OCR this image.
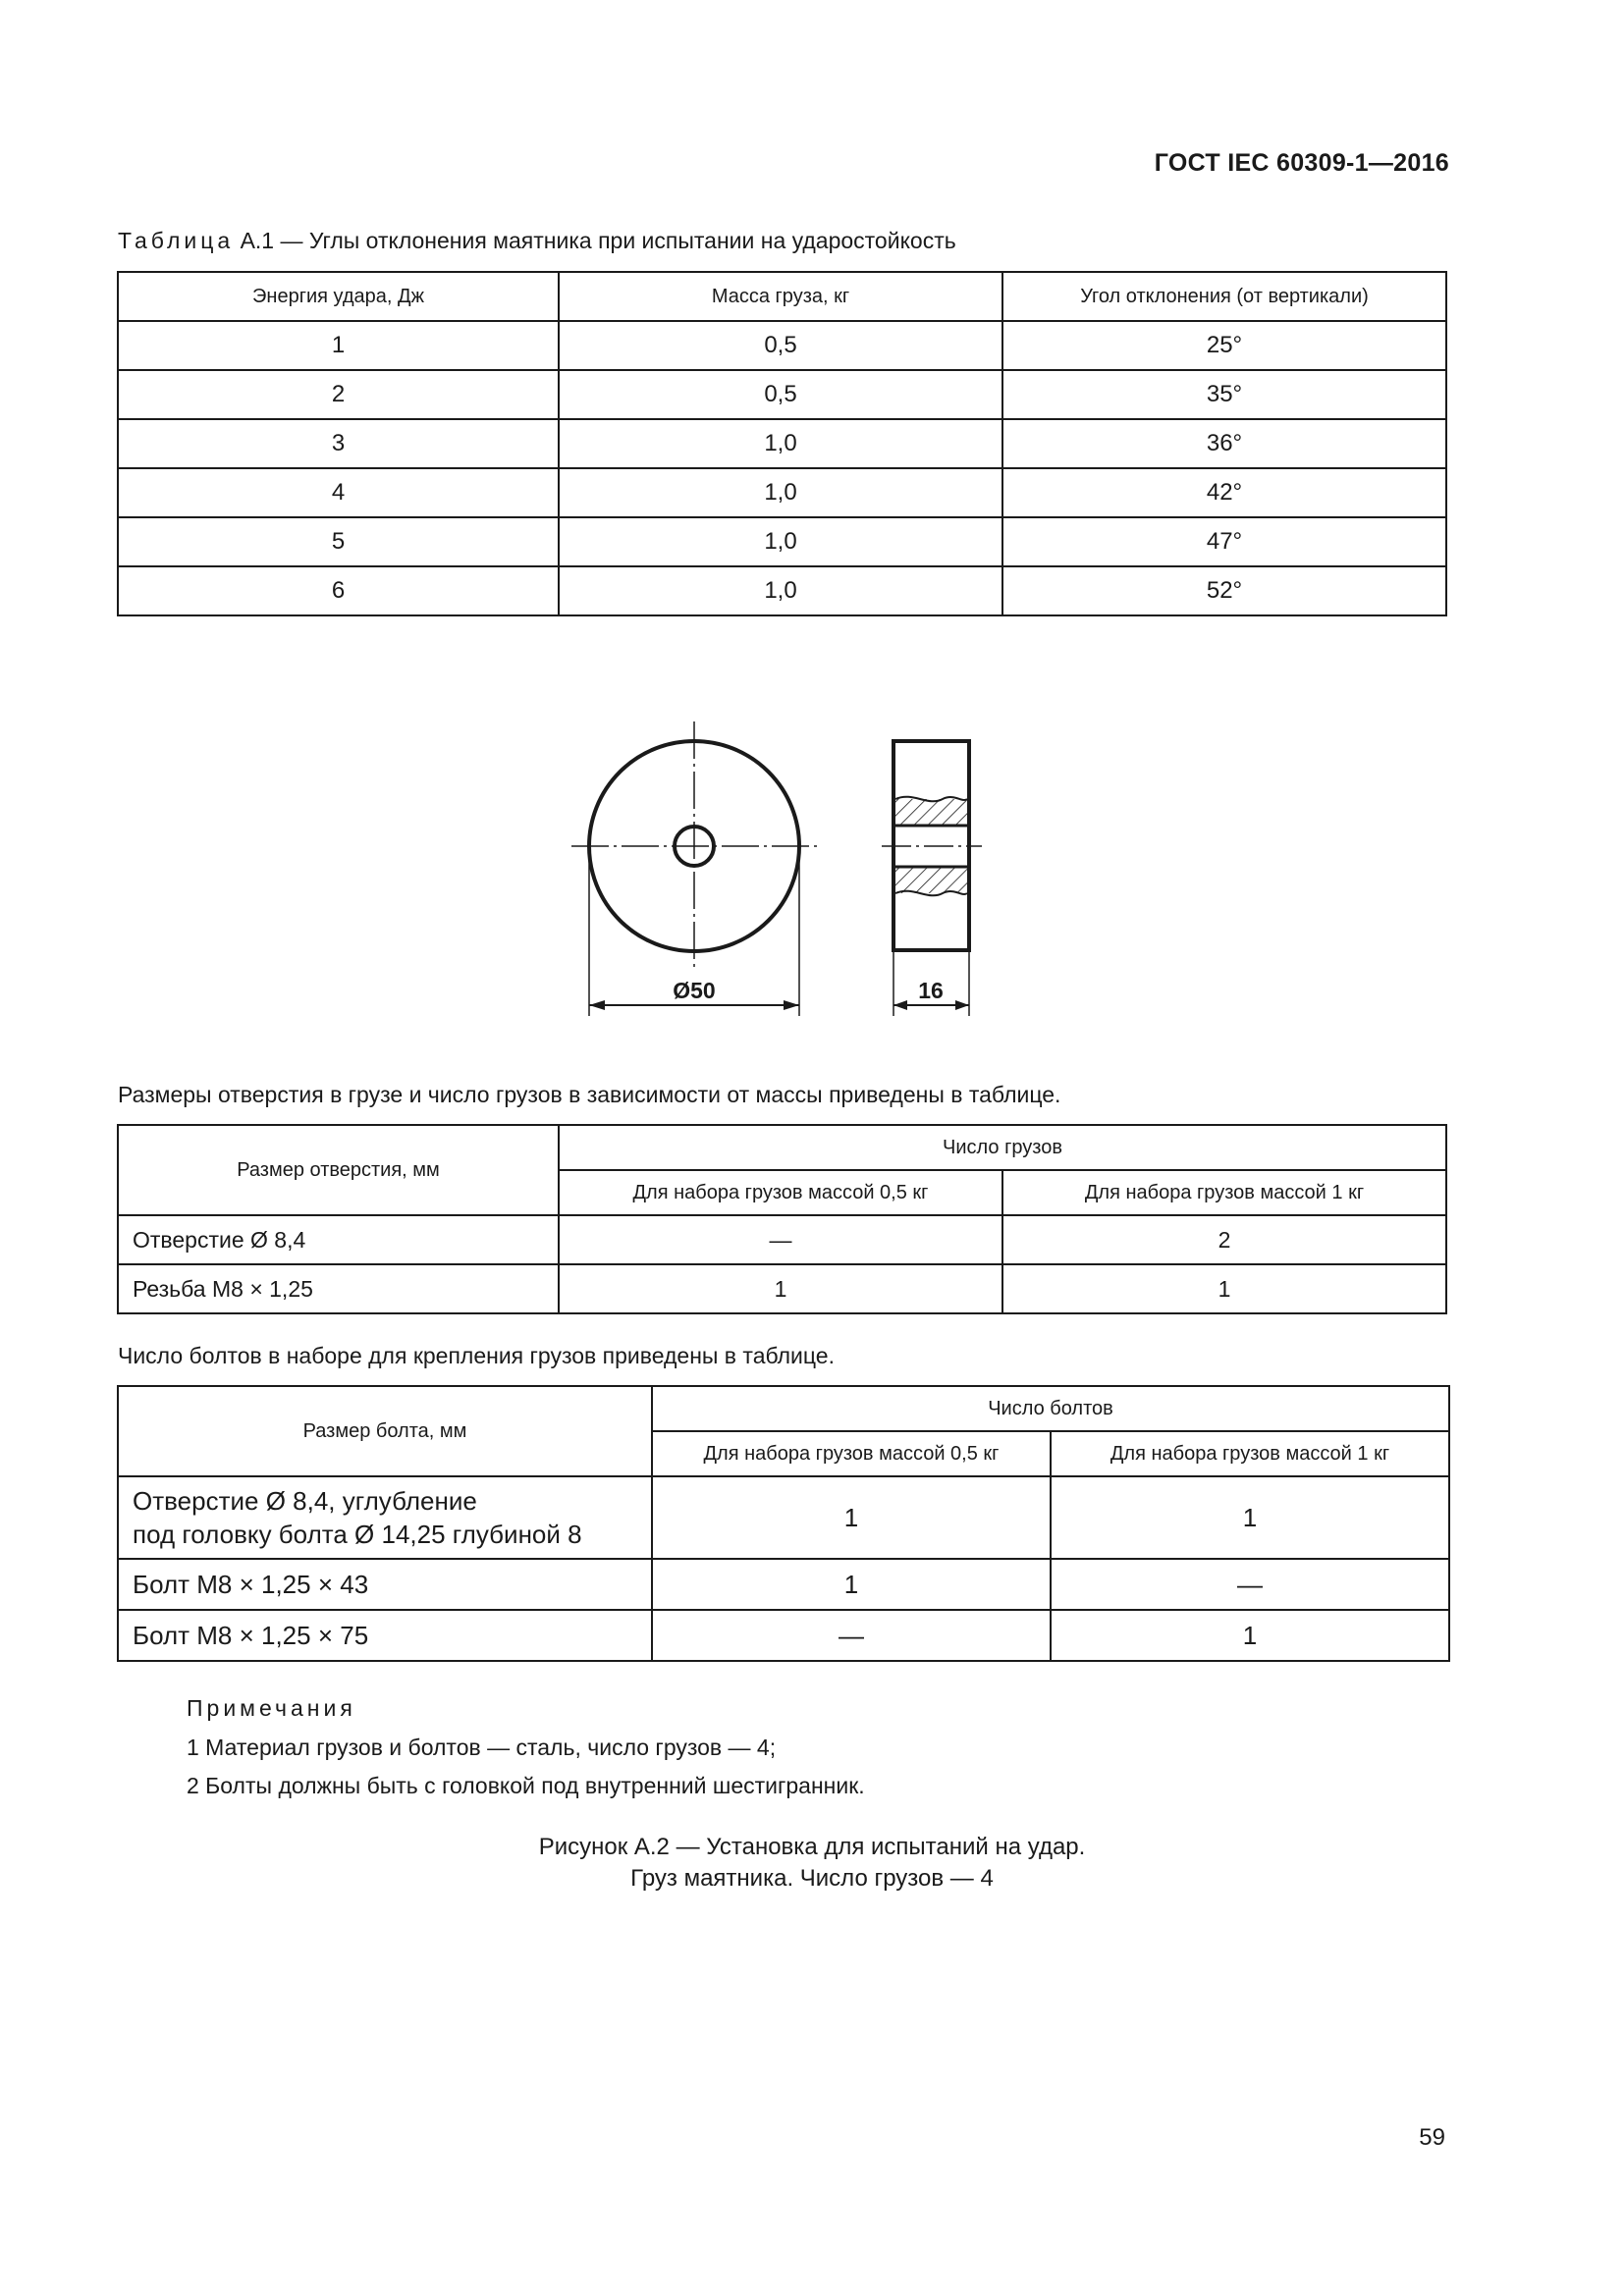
ГОСТ IEC 60309-1—2016
Таблица А.1 — Углы отклонения маятника при испытании на ударостойкость
Энергия удара, Дж	Масса груза, кг	Угол отклонения (от вертикали)
1	0,5	25°
2	0,5	35°
3	1,0	36°
4	1,0	42°
5	1,0	47°
6	1,0	52°
Ø50	16
Размеры отверстия в грузе и число грузов в зависимости от массы приведены в таблице.
Размер отверстия, мм	Число грузов	
	Для набора грузов массой 0,5 кг	Для набора грузов массой 1 кг
Отверстие Ø 8,4	—	2
Резьба М8 × 1,25	1	1
Число болтов в наборе для крепления грузов приведены в таблице.
Размер болта, мм	Число болтов	
	Для набора грузов массой 0,5 кг	Для набора грузов массой 1 кг

Отверстие Ø 8,4, углубление
под головку болта Ø 14,25 глубиной 8	1	1
Болт М8 × 1,25 × 43	1	—
Болт М8 × 1,25 × 75	—	1
Примечания
1 Материал грузов и болтов — сталь, число грузов — 4;
2 Болты должны быть с головкой под внутренний шестигранник.
Рисунок А.2 — Установка для испытаний на удар.
Груз маятника. Число грузов — 4
59
